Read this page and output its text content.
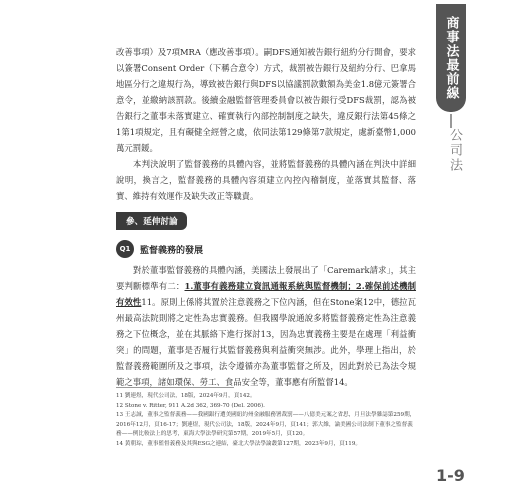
改善事項）及7項MRA（應改善事項）。嗣DFS通知被告銀行紐約分行開會，要求以簽署Consent Order（下稱合意令）方式，裁罰被告銀行及紐約分行、巴拿馬地區分行之違規行為，導致被告銀行與DFS以協議罰款數額為美金1.8億元簽署合意令，並繳納該罰款。後續金融監督管理委員會以被告銀行受DFS裁罰，認為被告銀行之董事未落實建立、確實執行內部控制制度之缺失，違反銀行法第45條之1第1項規定，且有礙健全經營之虞，依同法第129條第7款規定，處新臺幣1,000萬元罰鍰。

本判決說明了監督義務的具體內容，並將監督義務的具體內涵在判決中詳細說明，換言之，監督義務的具體內容須建立內控內稽制度，並落實其監督、落實、維持有效運作及缺失改正等職責。

參、延伸討論
Q1	監督義務的發展

對於董事監督義務的具體內涵，美國法上發展出了「Caremark請求」，其主要判斷標準有二：1.董事有義務建立資訊通報系統與監督機制；2.確保前述機制有效性11。原則上係將其置於注意義務之下位內涵，但在Stone案12中，德拉瓦州最高法院則將之定性為忠實義務。但我國學說通說多將監督義務定性為注意義務之下位概念，並在其脈絡下進行探討13，因為忠實義務主要是在處理「利益衝突」的問題，董事是否履行其監督義務與利益衝突無涉。此外，學理上指出，於監督義務範圍所及之事項，法令遵循亦為董事監督之所及，因此對於已為法令規範之事項，諸如環保、勞工、食品安全等，董事應有所監督14。

11 劉連煜，現代公司法，18版，2024年9月，頁142。

12 Stone v. Ritter, 911 A.2d 362, 369-70 (Del. 2006).

13 王志誠，董事之監督義務——我國銀行遭美國紐約州金融服務署裁罰——八億美元案之省思，月旦法學雜誌第259期，2016年12月，頁16-17；劉連煜，現代公司法，18版，2024年9月，頁141；郭大維，論美國公司法制下董事之監督義務——例比較法上的思考，東海大學法學研究第57期，2019年5月，頁120。

14 黃朝琮，董事監督義務及其與ESG之連結，臺北大學法學論叢第127期，2023年9月，頁119。

商事法最前線
公司法
1-9
